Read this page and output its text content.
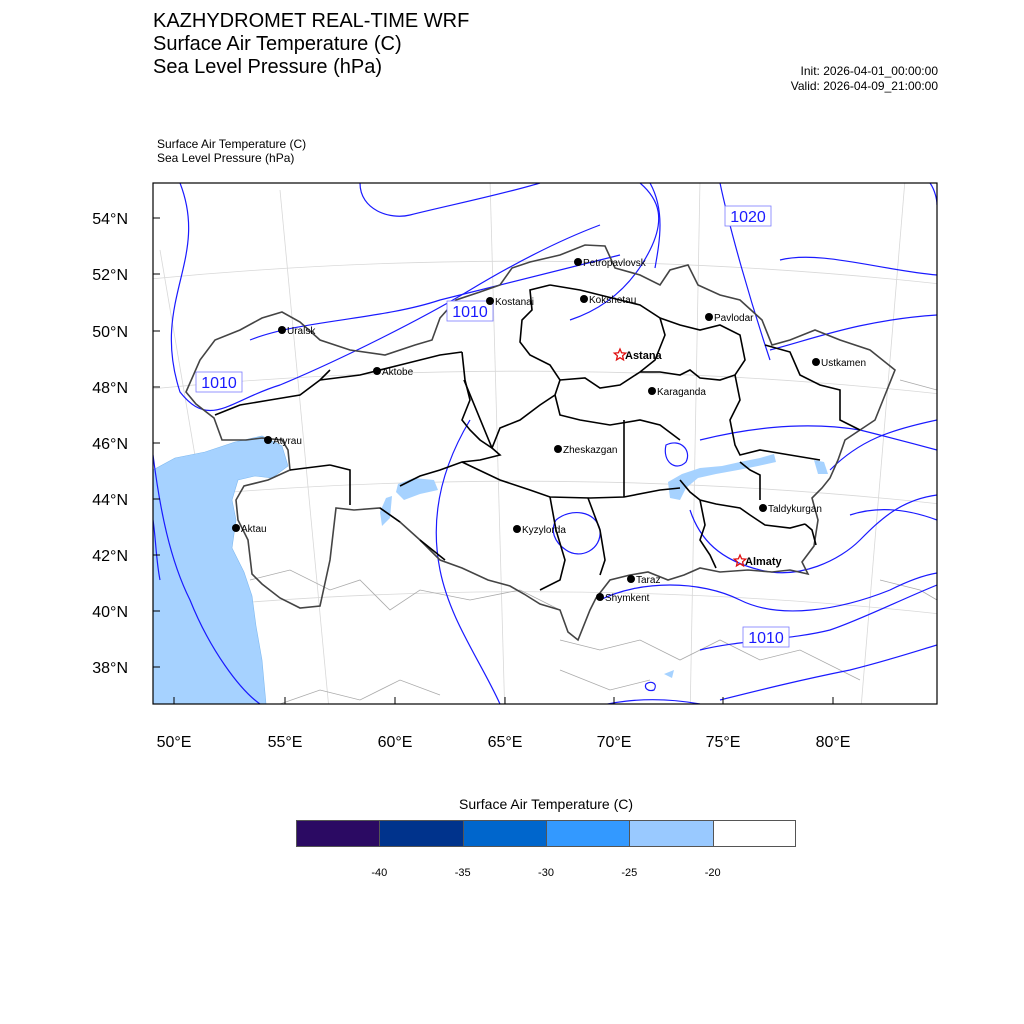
KAZHYDROMET REAL-TIME WRF
Surface Air Temperature (C)
Sea Level Pressure (hPa)	Init: 2026-04-01_00:00:00
Valid: 2026-04-09_21:00:00
Surface Air Temperature (C)
Sea Level Pressure (hPa)
54°N
52°N
50°N
48°N
46°N
44°N
42°N
40°N
38°N
50°E	55°E	60°E	65°E	70°E	75°E	80°E
1020
1010
1010
1010
Petropavlovsk
Kostanai	Kokshetau
Pavlodar
Uralsk
Astana
Aktobe
Ustkamen
Karaganda
Atyrau
Zheskazgan
Taldykurgan
Aktau	Kyzylorda
Almaty
Taraz
Shymkent
Surface Air Temperature (C)
-40	-35	-30	-25	-20
